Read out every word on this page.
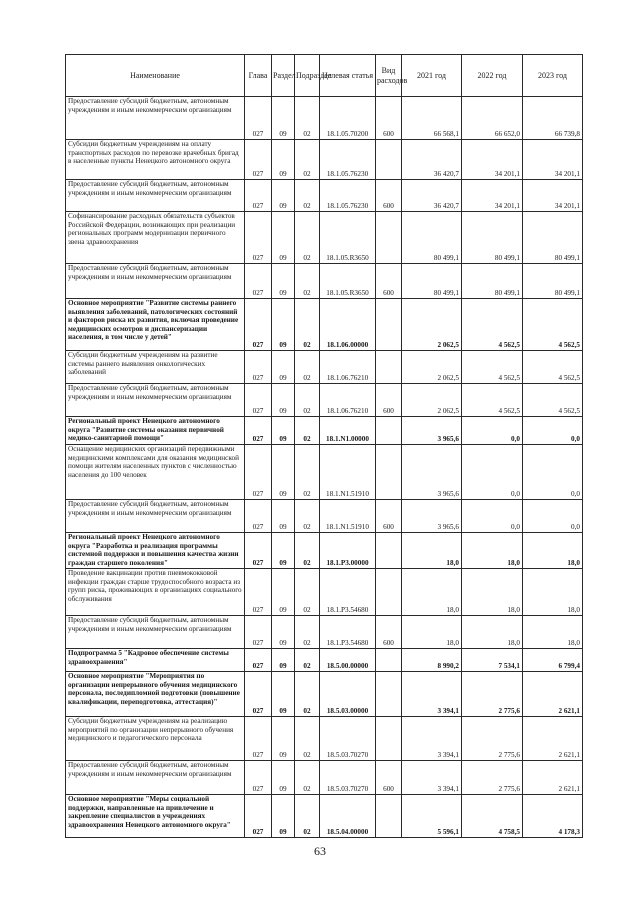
Наименование	Глава	Раздел	Подраздел	Целевая статья	Вид расходов	2021 год	2022 год	2023 год
Предоставление субсидий бюджетным, автономным учреждениям и иным некоммерческим организациям	027	09	02	18.1.05.70200	600	66 568,1	66 652,0	66 739,8
Субсидии бюджетным учреждениям на оплату транспортных расходов по перевозке врачебных бригад в населенные пункты Ненецкого автономного округа	027	09	02	18.1.05.76230		36 420,7	34 201,1	34 201,1
Предоставление субсидий бюджетным, автономным учреждениям и иным некоммерческим организациям	027	09	02	18.1.05.76230	600	36 420,7	34 201,1	34 201,1
Софинансирование расходных обязательств субъектов Российской Федерации, возникающих при реализации региональных программ модернизации первичного звена здравоохранения	027	09	02	18.1.05.R3650		80 499,1	80 499,1	80 499,1
Предоставление субсидий бюджетным, автономным учреждениям и иным некоммерческим организациям	027	09	02	18.1.05.R3650	600	80 499,1	80 499,1	80 499,1
Основное мероприятие "Развитие системы раннего выявления заболеваний, патологических состояний и факторов риска их развития, включая проведение медицинских осмотров и диспансеризации населения, в том числе у детей"	027	09	02	18.1.06.00000		2 062,5	4 562,5	4 562,5
Субсидии бюджетным учреждениям на развитие системы раннего выявления онкологических заболеваний	027	09	02	18.1.06.76210		2 062,5	4 562,5	4 562,5
Предоставление субсидий бюджетным, автономным учреждениям и иным некоммерческим организациям	027	09	02	18.1.06.76210	600	2 062,5	4 562,5	4 562,5
Региональный проект Ненецкого автономного округа "Развитие системы оказания первичной медико-санитарной помощи"	027	09	02	18.1.N1.00000		3 965,6	0,0	0,0
Оснащение медицинских организаций передвижными медицинскими комплексами для оказания медицинской помощи жителям населенных пунктов с численностью населения до 100 человек	027	09	02	18.1.N1.51910		3 965,6	0,0	0,0
Предоставление субсидий бюджетным, автономным учреждениям и иным некоммерческим организациям	027	09	02	18.1.N1.51910	600	3 965,6	0,0	0,0
Региональный проект Ненецкого автономного округа "Разработка и реализация программы системной поддержки и повышения качества жизни граждан старшего поколения"	027	09	02	18.1.P3.00000		18,0	18,0	18,0
Проведение вакцинации против пневмококковой инфекции граждан старше трудоспособного возраста из групп риска, проживающих в организациях социального обслуживания	027	09	02	18.1.P3.54680		18,0	18,0	18,0
Предоставление субсидий бюджетным, автономным учреждениям и иным некоммерческим организациям	027	09	02	18.1.P3.54680	600	18,0	18,0	18,0
Подпрограмма 5 "Кадровое обеспечение системы здравоохранения"	027	09	02	18.5.00.00000		8 990,2	7 534,1	6 799,4
Основное мероприятие "Мероприятия по организации непрерывного обучения медицинского персонала, последипломной подготовки (повышение квалификации, переподготовка, аттестация)"	027	09	02	18.5.03.00000		3 394,1	2 775,6	2 621,1
Субсидии бюджетным учреждениям на реализацию мероприятий по организации непрерывного обучения медицинского и педагогического персонала	027	09	02	18.5.03.70270		3 394,1	2 775,6	2 621,1
Предоставление субсидий бюджетным, автономным учреждениям и иным некоммерческим организациям	027	09	02	18.5.03.70270	600	3 394,1	2 775,6	2 621,1
Основное мероприятие "Меры социальной поддержки, направленные на привлечение и закрепление специалистов в учреждениях здравоохранения Ненецкого автономного округа"	027	09	02	18.5.04.00000		5 596,1	4 758,5	4 178,3
63
